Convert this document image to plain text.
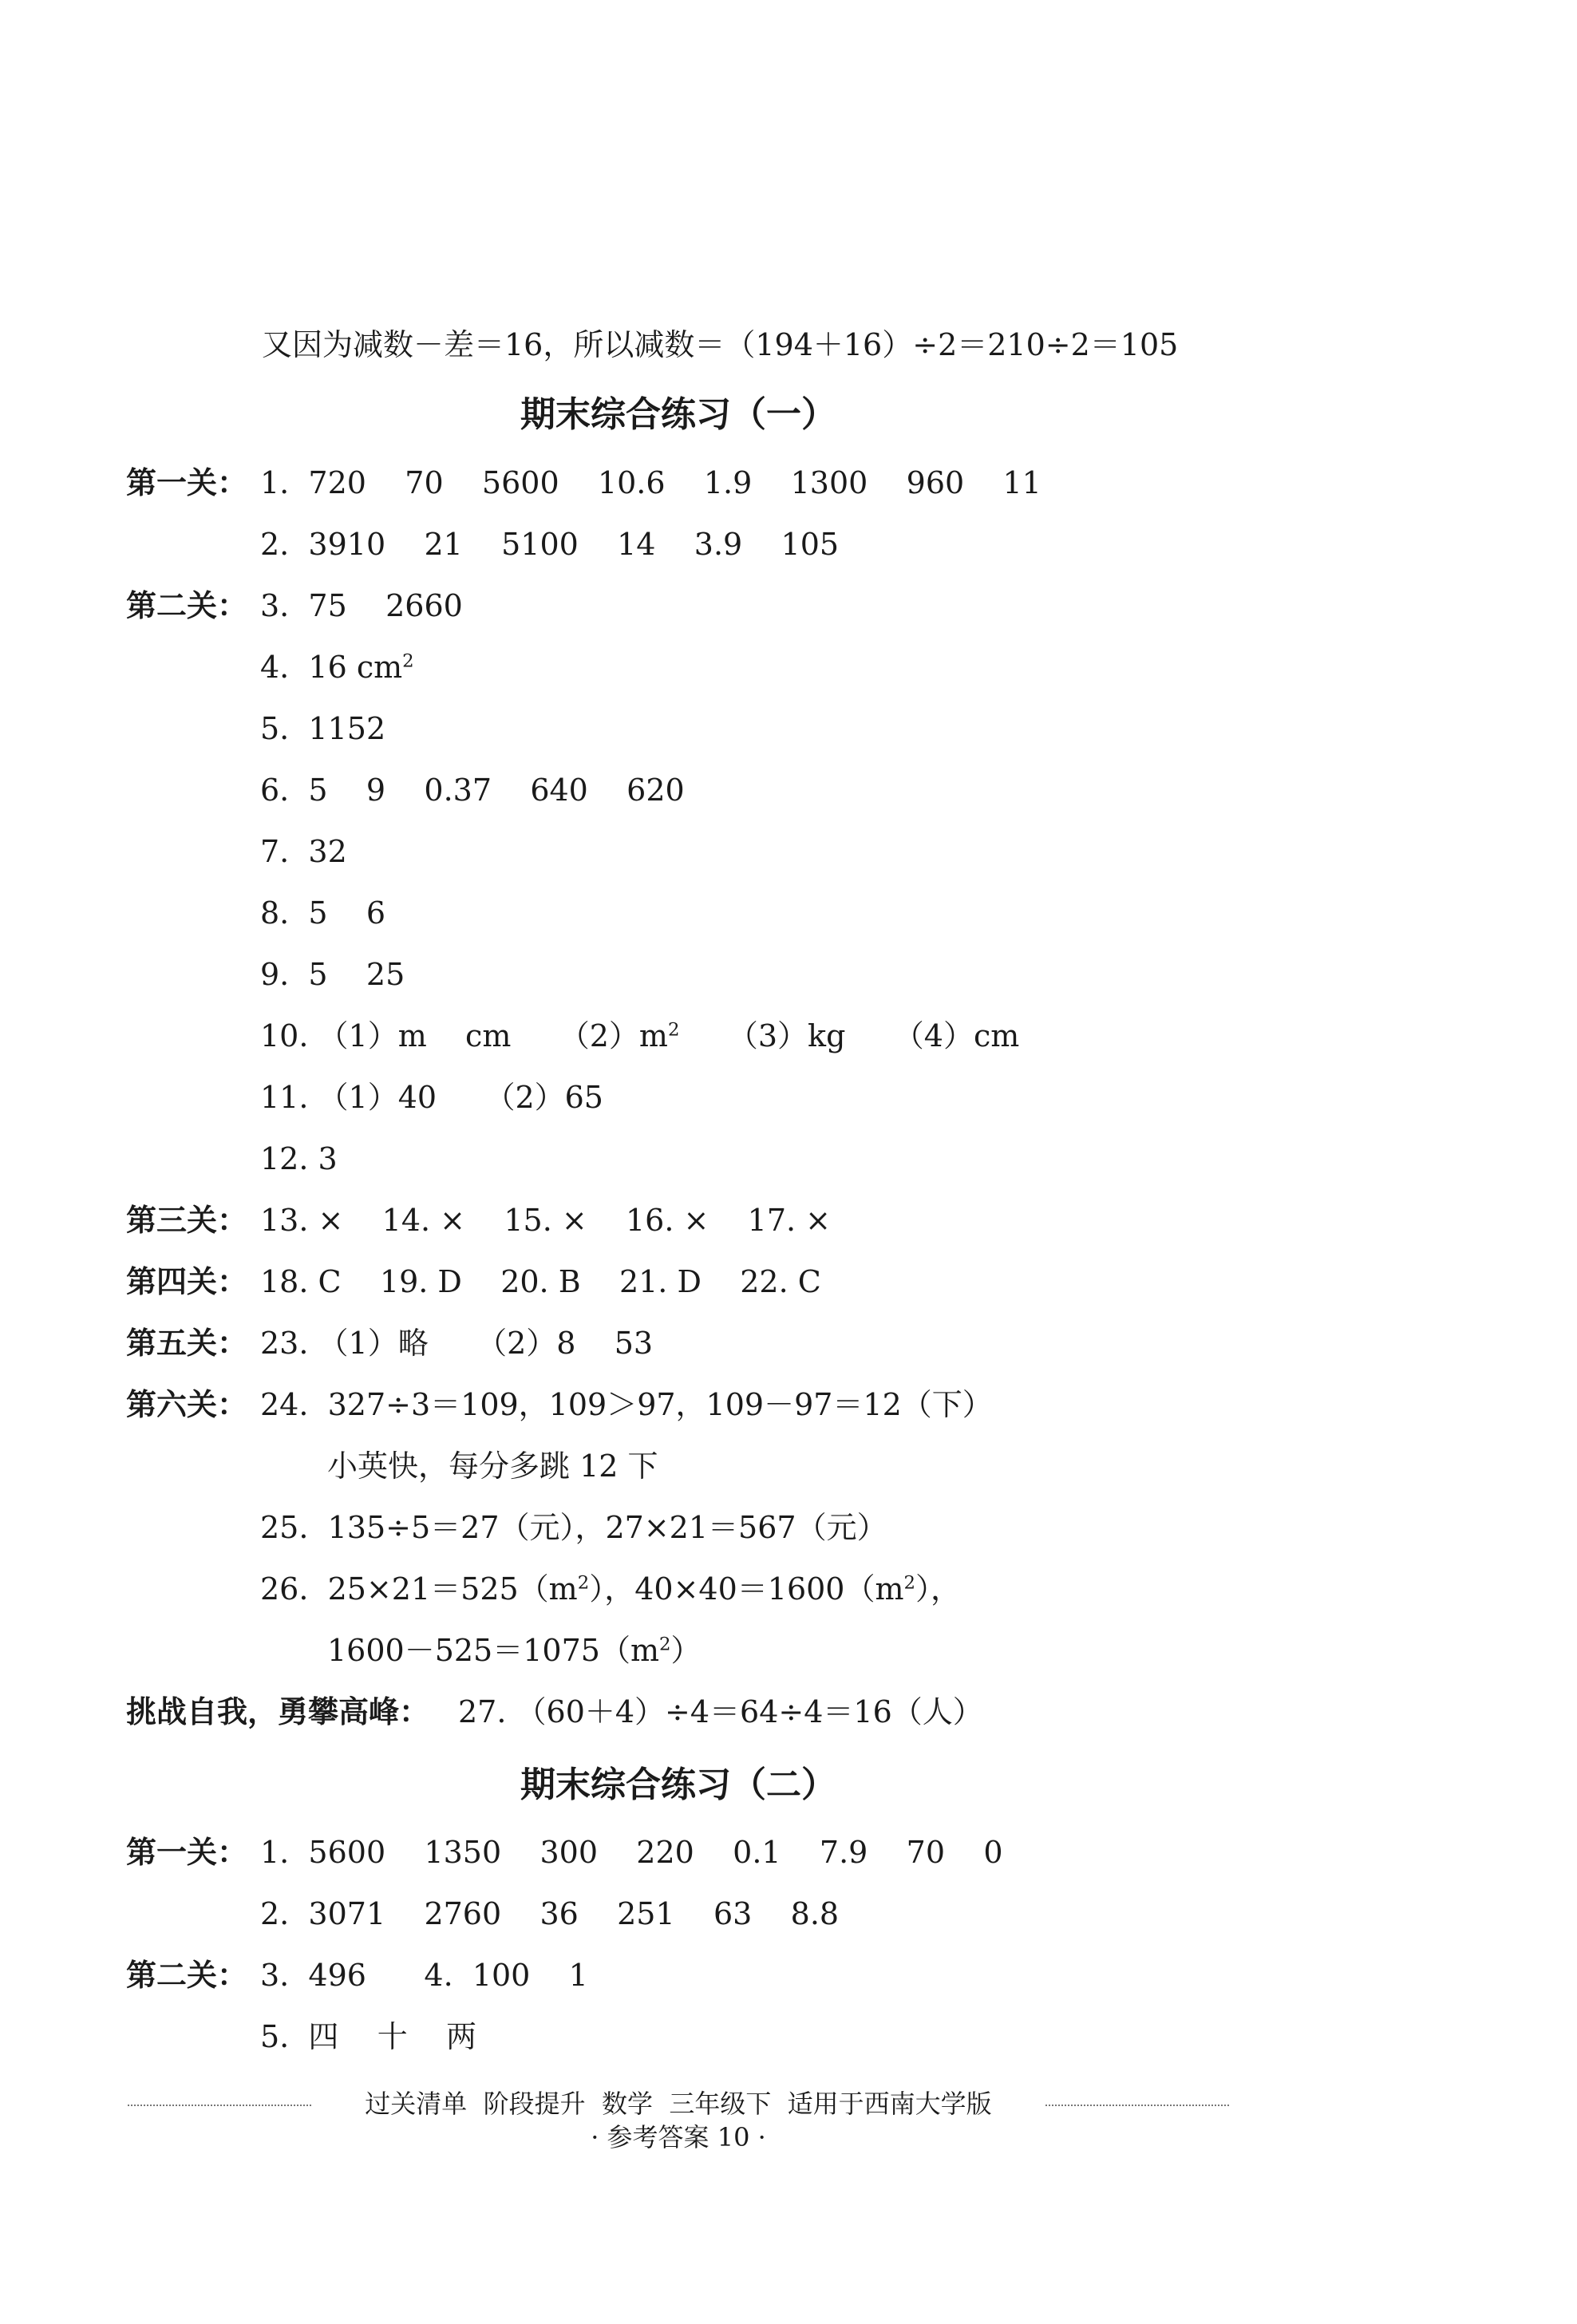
又因为减数－差＝16，所以减数＝（194＋16）÷2＝210÷2＝105
期末综合练习（一）
第一关： 1.  720    70    5600    10.6    1.9    1300    960    11
2.  3910    21    5100    14    3.9    105
第二关： 3.  75    2660
4.  16 $cm^2$
5.  1152
6.  5    9    0.37    640    620
7.  32
8.  5    6
9.  5    25
10. （1）m    cm     $(2)m^2$     （3）kg     （4）cm
11. （1）40     （2）65
12. 3
第三关： 13. ×    14. ×    15. ×    16. ×    17. ×
第四关： 18. C    19. D    20. B    21. D    22. C
第五关： 23. （1）略     （2）8    53
第六关： 24.  327÷3＝109，109＞97，109－97＝12（下）
小英快，每分多跳 12 下
25.  135÷5＝27（元），27×21＝567（元）
26.  $25\times 21=525(m^2)$，$40\times 40=1600(m^2)$，
$1600-525=1075(m^2)$
挑战自我，勇攀高峰： 27. （60＋4）÷4＝64÷4＝16（人）
期末综合练习（二）
第一关： 1.  5600    1350    300    220    0.1    7.9    70    0
2.  3071    2760    36    251    63    8.8
第二关： 3.  496      4.  100    1
5.  四    十    两
过关清单  阶段提升  数学  三年级下  适用于西南大学版
· 参考答案 10 ·
